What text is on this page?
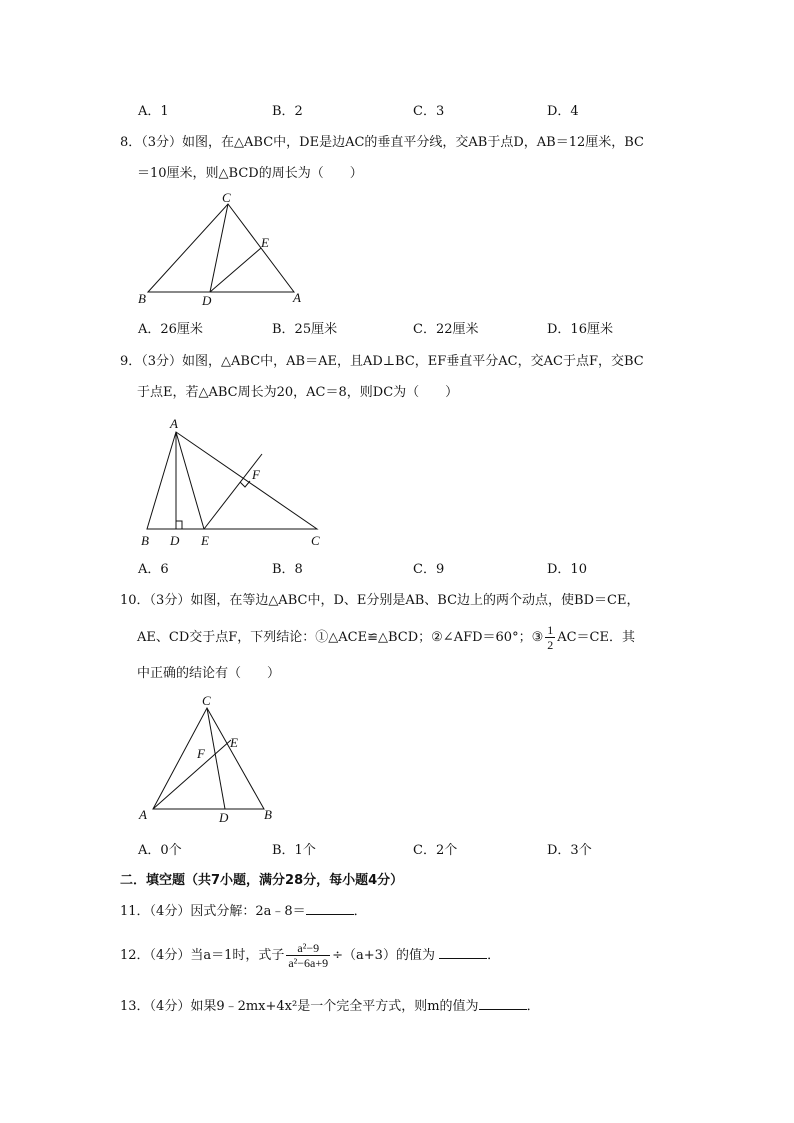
A．1	B．2	C．3	D．4
8．（3分）如图，在△ABC中，DE是边AC的垂直平分线，交AB于点D，AB＝12厘米，BC
＝10厘米，则△BCD的周长为（　　）
C
E
B	D	A
A．26厘米	B．25厘米	C．22厘米	D．16厘米
9．（3分）如图，△ABC中，AB＝AE，且AD⊥BC，EF垂直平分AC，交AC于点F，交BC
于点E，若△ABC周长为20，AC＝8，则DC为（　　）
A
F
B D E	C
A．6	B．8	C．9	D．10
10．（3分）如图，在等边△ABC中，D、E分别是AB、BC边上的两个动点，使BD＝CE，
AE、CD交于点F，下列结论：①△ACE≌△BCD；②∠AFD＝60°；③ $\frac{1}{2} AC=CE$．其
中正确的结论有（　　）
C
E
F
A	D	B
A．0个	B．1个	C．2个	D．3个
二．填空题（共7小题，满分28分，每小题4分）
11．（4分）因式分解：2a﹣8＝	．
12．（4分）当a＝1时，式子 $\frac{\text{a²−9}}{\text{a²−6a+9}} \div(a+3)$的值为	．
13．（4分）如果9﹣2mx+4x²是一个完全平方式，则m的值为	．
